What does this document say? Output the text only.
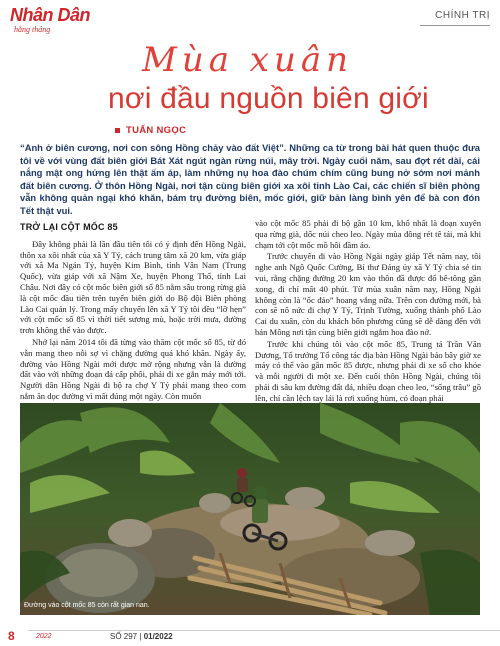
Nhân Dân
hằng tháng
CHÍNH TRỊ
Mùa xuân
nơi đầu nguồn biên giới
TUẤN NGỌC
“Anh ở biên cương, nơi con sông Hồng chảy vào đất Việt”. Những ca từ trong bài hát quen thuộc đưa tôi về với vùng đất biên giới Bát Xát ngút ngàn rừng núi, mây trời. Ngày cuối năm, sau đợt rét dài, cái nắng mật ong hửng lên thật ấm áp, làm những nụ hoa đào chúm chím cũng bung nở sớm nơi mảnh đất biên cương. Ở thôn Hồng Ngài, nơi tận cùng biên giới xa xôi tỉnh Lào Cai, các chiến sĩ biên phòng vẫn không quản ngại khó khăn, bám trụ đường biên, mốc giới, giữ bản làng bình yên để bà con đón Tết thật vui.
TRỞ LẠI CỘT MỐC 85

Đây không phải là lần đầu tiên tôi có ý định đến Hồng Ngài, thôn xa xôi nhất của xã Y Tý, cách trung tâm xã 20 km, vừa giáp với xã Ma Ngán Tý, huyện Kim Bình, tỉnh Vân Nam (Trung Quốc), vừa giáp với xã Nậm Xe, huyện Phong Thổ, tỉnh Lai Châu. Nơi đây có cột mốc biên giới số 85 nằm sâu trong rừng già là cột mốc đầu tiên trên tuyến biên giới do Bộ đội Biên phòng Lào Cai quản lý. Trong mấy chuyến lên xã Y Tý tôi đều “lỡ hẹn” với cột mốc số 85 vì thời tiết sương mù, hoặc trời mưa, đường trơn không thể vào được.

Nhớ lại năm 2014 tôi đã từng vào thăm cột mốc số 85, từ đó vẫn mang theo nỗi sợ vì chặng đường quá khó khăn. Ngày ấy, đường vào Hồng Ngài mới được mở rộng nhưng vẫn là đường đất vào với những đoạn đá cấp phối, phải đi xe gắn máy mới tới. Người dân Hồng Ngài đi bộ ra chợ Y Tý phải mang theo com nắm ăn dọc đường vì mất đúng một ngày. Còn muốn

vào cột mốc 85 phải đi bộ gần 10 km, khổ nhất là đoạn xuyên qua rừng già, dốc núi cheo leo. Ngày mùa đông rét tê tái, mà khi chạm tới cột mốc mồ hôi đầm áo.

Trước chuyến đi vào Hồng Ngài ngày giáp Tết năm nay, tôi nghe anh Ngô Quốc Cường, Bí thư Đảng ủy xã Y Tý chia sẻ tin vui, rằng chặng đường 20 km vào thôn đã được đổ bê-tông gần xong, đi chỉ mất 40 phút. Từ mùa xuân năm nay, Hồng Ngài không còn là “ốc đảo” hoang vắng nữa. Trên con đường mới, bà con sẽ nô nức đi chợ Y Tý, Trịnh Tường, xuống thành phố Lào Cai du xuân, còn du khách bốn phương cũng sẽ dễ dàng đến với bản Mông nơi tận cùng biên giới ngắm hoa đào nở.

Trước khi chúng tôi vào cột mốc 85, Trung tá Trần Văn Dương, Tổ trưởng Tổ công tác địa bàn Hồng Ngài bảo bây giờ xe máy có thể vào gần mốc 85 được, nhưng phải đi xe số cho khỏe và mỗi người đi một xe. Đến cuối thôn Hồng Ngài, chúng tôi phải đi sâu km đường đất đá, nhiều đoạn cheo leo, “sống trâu” gồ lên, chỉ cần lệch tay lái là rơi xuống hùm, có đoạn phải

Đường vào cột mốc 85 còn rất gian nan.
8	2022	SỐ 297 | 01/2022
